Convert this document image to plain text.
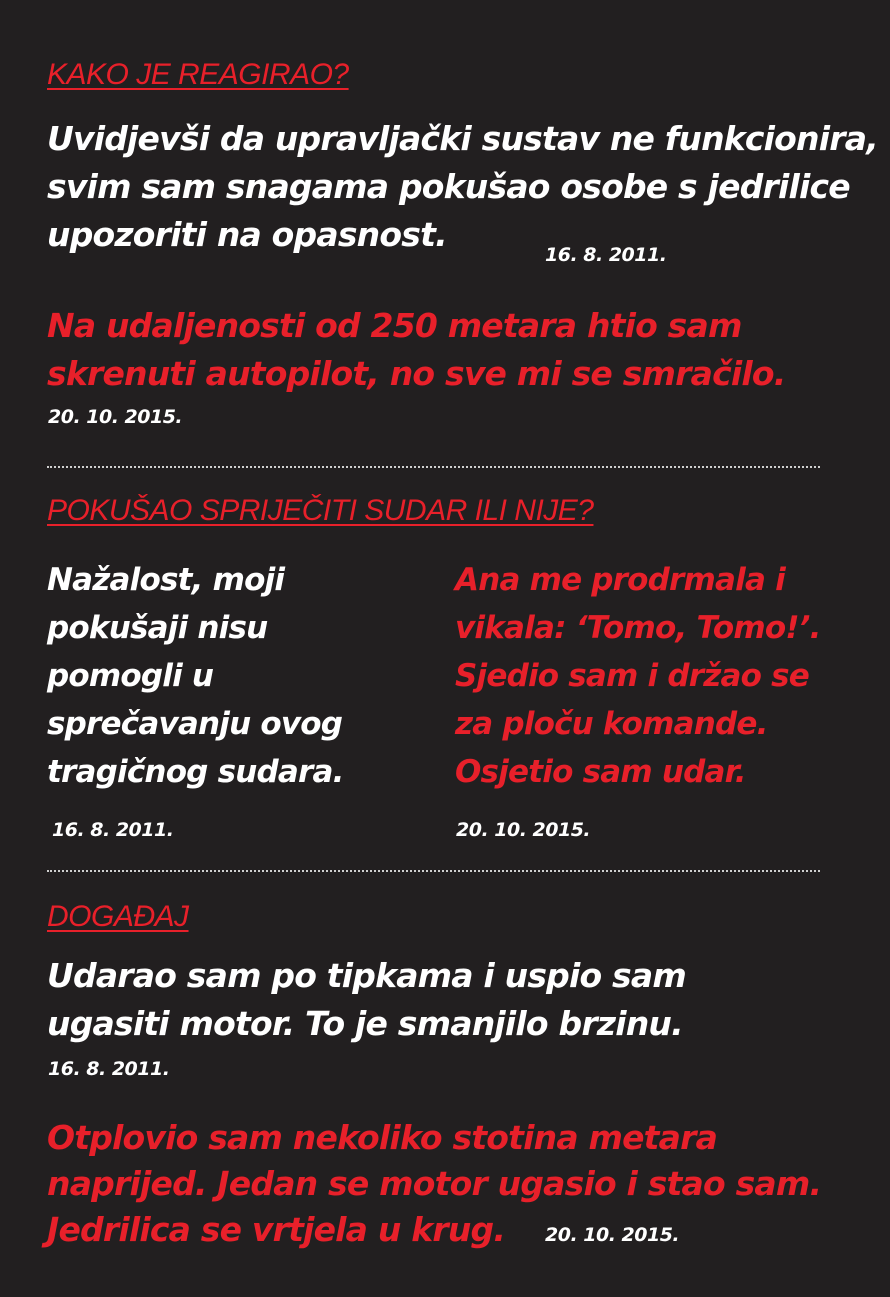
KAKO JE REAGIRAO?

Uvidjevši da upravljački sustav ne funkcionira,
svim sam snagama pokušao osobe s jedrilice
upozoriti na opasnost.

16. 8. 2011.

Na udaljenosti od 250 metara htio sam
skrenuti autopilot, no sve mi se smračilo.

20. 10. 2015.
POKUŠAO SPRIJEČITI SUDAR ILI NIJE?

Nažalost, moji
pokušaji nisu
pomogli u
sprečavanju ovog
tragičnog sudara.

16. 8. 2011.

Ana me prodrmala i
vikala: ‘Tomo, Tomo!’.
Sjedio sam i držao se
za ploču komande.
Osjetio sam udar.

20. 10. 2015.
DOGAĐAJ

Udarao sam po tipkama i uspio sam
ugasiti motor. To je smanjilo brzinu.

16. 8. 2011.

Otplovio sam nekoliko stotina metara
naprijed. Jedan se motor ugasio i stao sam.
Jedrilica se vrtjela u krug.	20. 10. 2015.
